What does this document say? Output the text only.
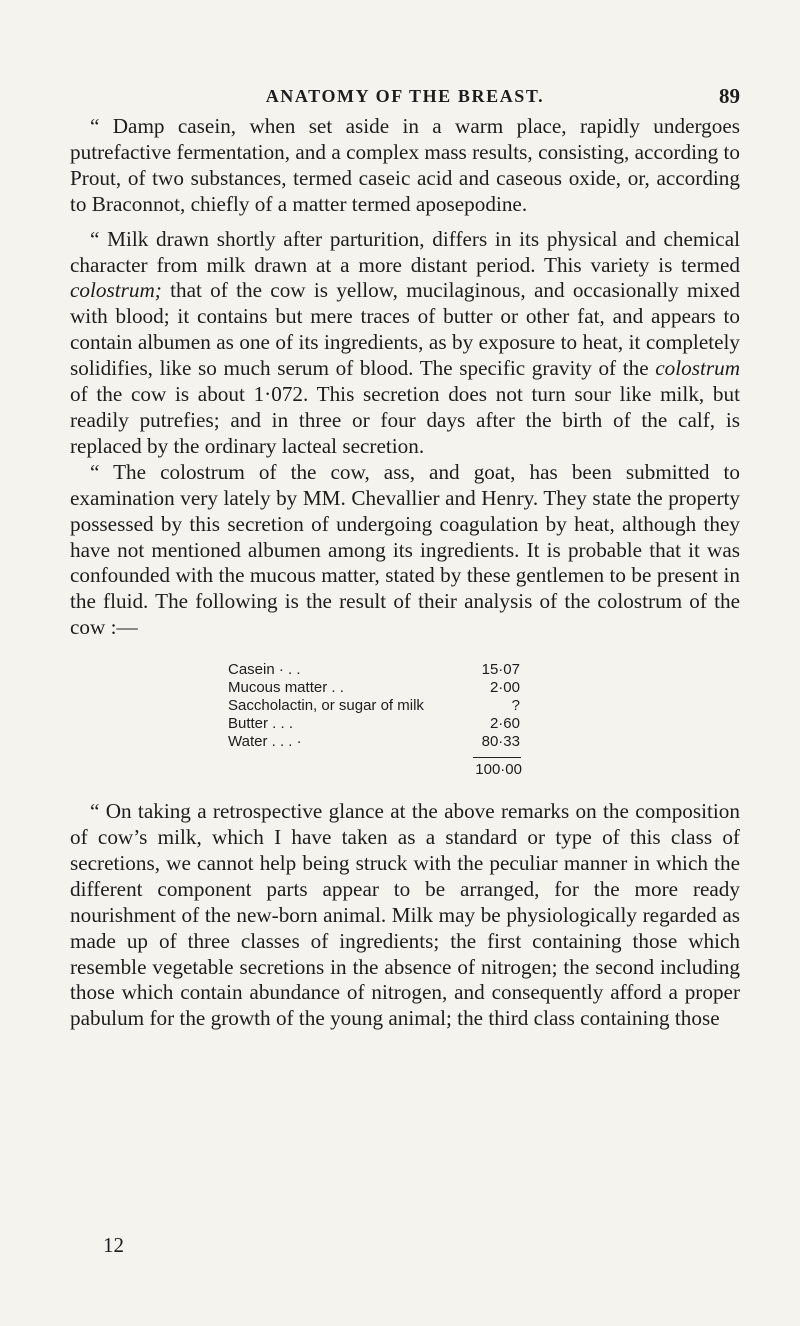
ANATOMY OF THE BREAST.	89

“ Damp casein, when set aside in a warm place, rapidly undergoes putrefactive fermentation, and a complex mass results, consisting, according to Prout, of two substances, termed caseic acid and caseous oxide, or, according to Braconnot, chiefly of a matter termed aposepodine.

“ Milk drawn shortly after parturition, differs in its physical and chemical character from milk drawn at a more distant period. This variety is termed colostrum; that of the cow is yellow, mucilaginous, and occasionally mixed with blood; it contains but mere traces of butter or other fat, and appears to contain albumen as one of its ingredients, as by exposure to heat, it completely solidifies, like so much serum of blood. The specific gravity of the colostrum of the cow is about 1·072. This secretion does not turn sour like milk, but readily putrefies; and in three or four days after the birth of the calf, is replaced by the ordinary lacteal secretion.

“ The colostrum of the cow, ass, and goat, has been submitted to examination very lately by MM. Chevallier and Henry. They state the property possessed by this secretion of undergoing coagulation by heat, although they have not mentioned albumen among its ingredients. It is probable that it was confounded with the mucous matter, stated by these gentlemen to be present in the fluid. The following is the result of their analysis of the colostrum of the cow :—

Casein · . .	15·07
Mucous matter . .	2·00
Saccholactin, or sugar of milk	?
Butter . . .	2·60
Water . . . ·	80·33
100·00

“ On taking a retrospective glance at the above remarks on the composition of cow’s milk, which I have taken as a standard or type of this class of secretions, we cannot help being struck with the peculiar manner in which the different component parts appear to be arranged, for the more ready nourishment of the new-born animal. Milk may be physiologically regarded as made up of three classes of ingredients; the first containing those which resemble vegetable secretions in the absence of nitrogen; the second including those which contain abundance of nitrogen, and consequently afford a proper pabulum for the growth of the young animal; the third class containing those

12
